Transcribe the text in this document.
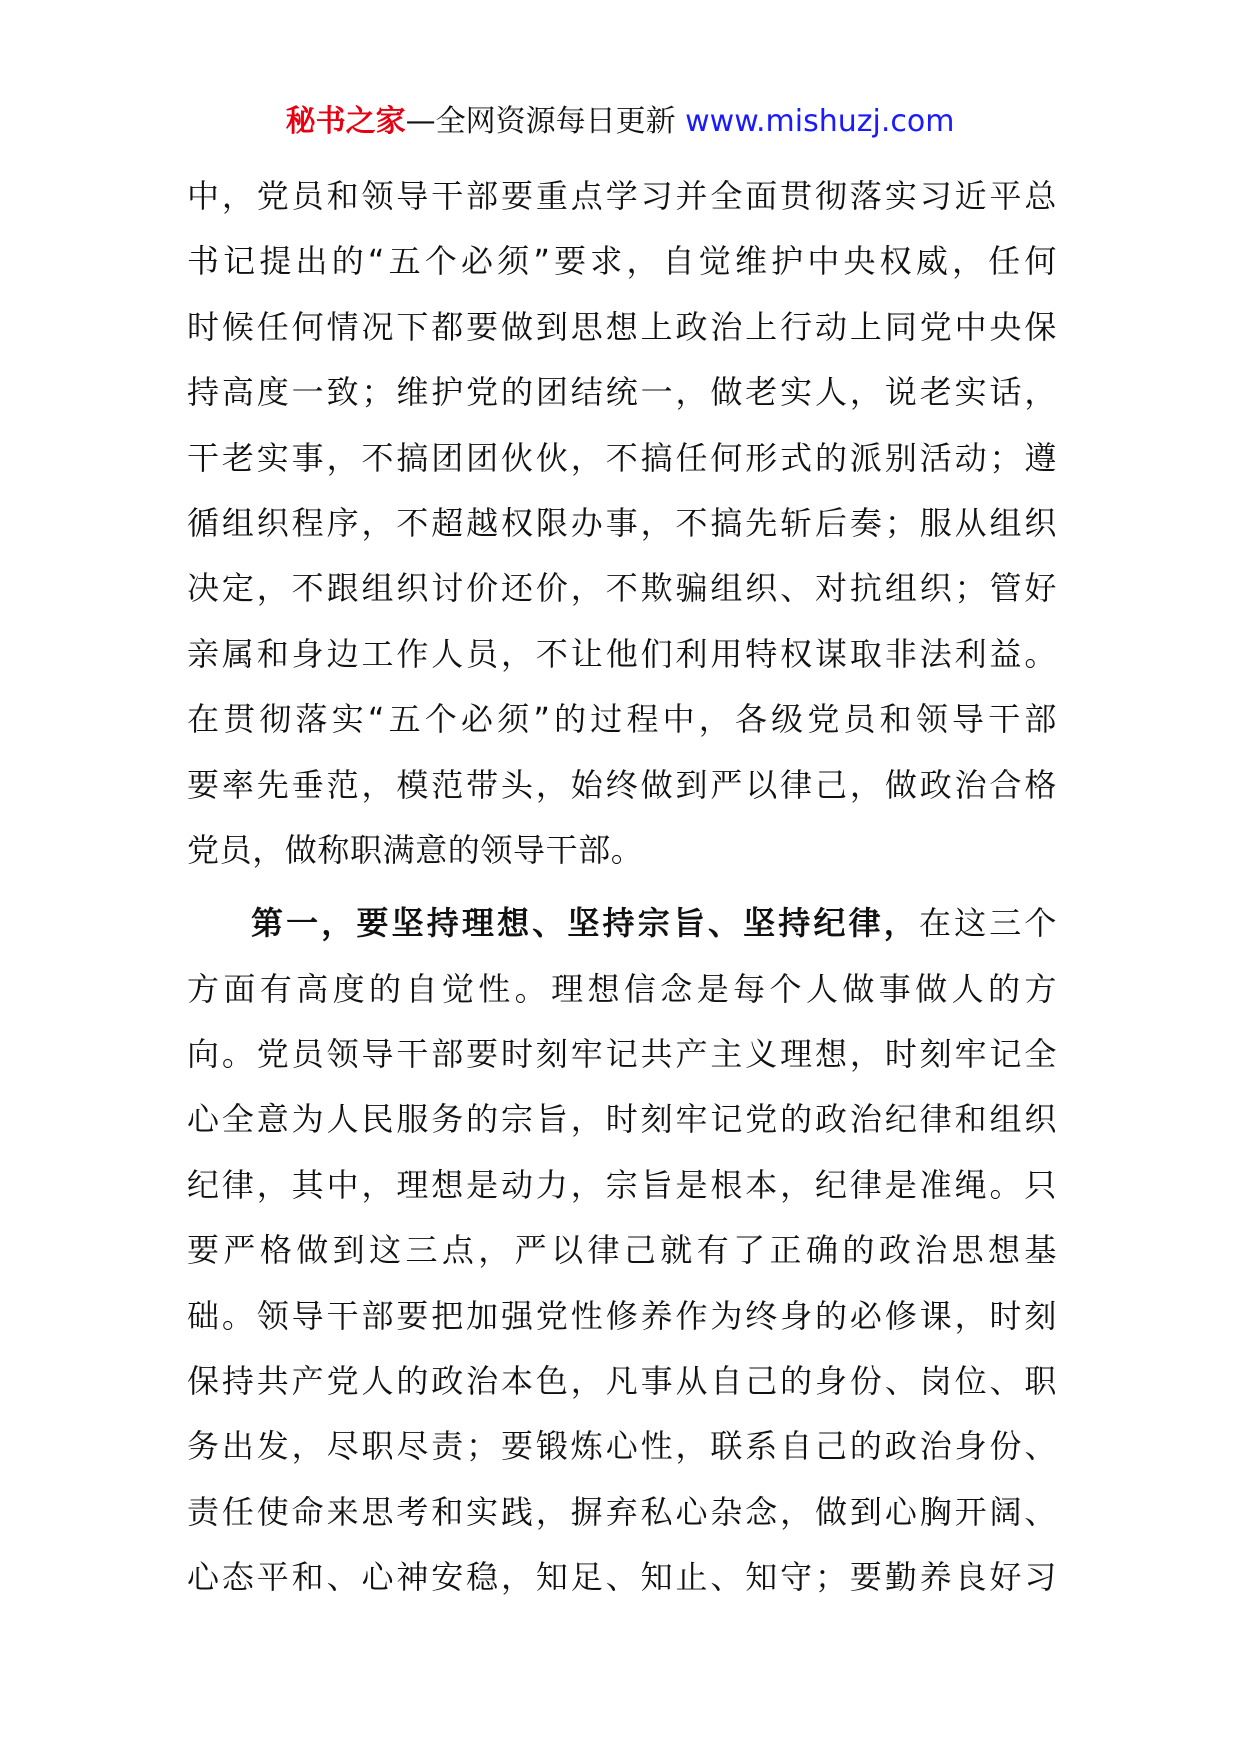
秘书之家—全网资源每日更新 www.mishuzj.com
中，党员和领导干部要重点学习并全面贯彻落实习近平总
书记提出的“五个必须”要求，自觉维护中央权威，任何
时候任何情况下都要做到思想上政治上行动上同党中央保
持高度一致；维护党的团结统一，做老实人，说老实话，
干老实事，不搞团团伙伙，不搞任何形式的派别活动；遵
循组织程序，不超越权限办事，不搞先斩后奏；服从组织
决定，不跟组织讨价还价，不欺骗组织、对抗组织；管好
亲属和身边工作人员，不让他们利用特权谋取非法利益。
在贯彻落实“五个必须”的过程中，各级党员和领导干部
要率先垂范，模范带头，始终做到严以律己，做政治合格
党员，做称职满意的领导干部。
第一，要坚持理想、坚持宗旨、坚持纪律，在这三个
方面有高度的自觉性。理想信念是每个人做事做人的方
向。党员领导干部要时刻牢记共产主义理想，时刻牢记全
心全意为人民服务的宗旨，时刻牢记党的政治纪律和组织
纪律，其中，理想是动力，宗旨是根本，纪律是准绳。只
要严格做到这三点，严以律己就有了正确的政治思想基
础。领导干部要把加强党性修养作为终身的必修课，时刻
保持共产党人的政治本色，凡事从自己的身份、岗位、职
务出发，尽职尽责；要锻炼心性，联系自己的政治身份、
责任使命来思考和实践，摒弃私心杂念，做到心胸开阔、
心态平和、心神安稳，知足、知止、知守；要勤养良好习
